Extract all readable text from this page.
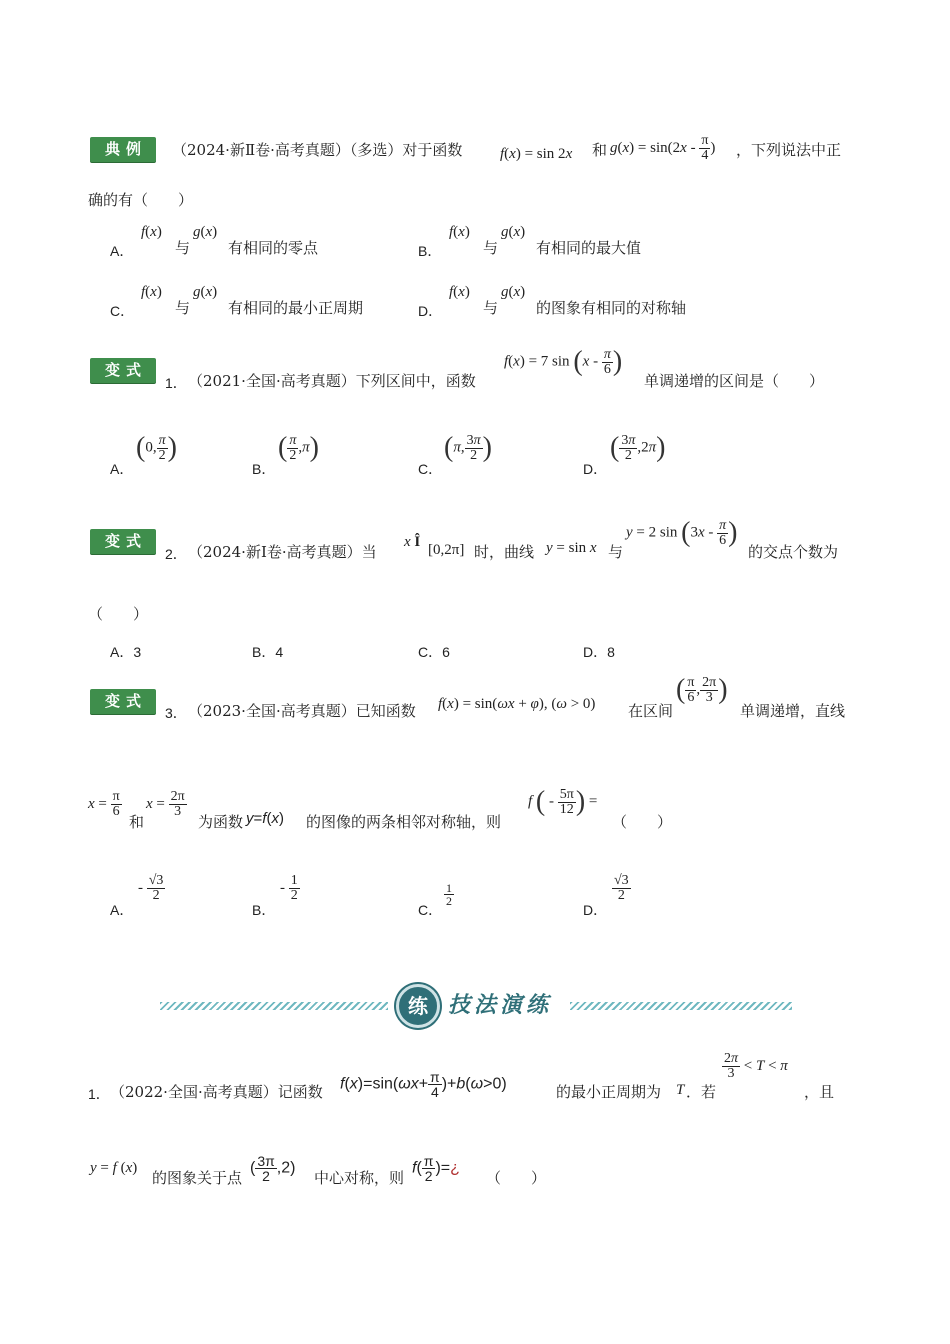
典例	（2024·新Ⅱ卷·高考真题）（多选）对于函数	f(x) = sin 2x 和 $g(x) = \sin(2x - \frac{\pi}{4}$ ) ，下列说法中正
确的有（　　）
A．
f(x)
与
g(x)
有相同的零点	B．
f(x)
与
g(x)
有相同的最大值
C．
f(x)
与
g(x)
有相同的最小正周期	D．
f(x)
与
g(x)
的图象有相同的对称轴
变式
1． （2021·全国·高考真题）下列区间中，函数
f(x) = 7 $\sin (x - \frac{\pi}{6}$ )
单调递增的区间是（　　）
A．
(0, $\frac{\pi}{2}$ )
B．
( $\frac{\pi}{2} ,\pi$)
C．
(π, $\frac{3\pi}{2}$ )
D．
( $\frac{3\pi}{2} ,2\pi$)
变式
2． （2024·新Ⅰ卷·高考真题）当
x Î [0,2π] 时，曲线 y = sin x 与
y = 2 $\sin (3x - \frac{\pi}{6}$ )
的交点个数为
（　　）
A．3	B．4	C．6	D．8
变式
3． （2023·全国·高考真题）已知函数 f(x) = sin(ωx + φ), (ω > 0) 在区间
( $\frac{\pi}{6}$ , $\frac{2\pi}{3}$ )
单调递增，直线
$x = \frac{\pi}{6}$
和
$x = \frac{2\pi}{3}$
为函数 y=f(x) 的图像的两条相邻对称轴，则
f ( - $\frac{5\pi}{12}$ ) =
（　　）
A．
- $\frac{√3}{2}$
B．
- $\frac{1}{2}$
C．
$\frac{1}{2}$
D．
$\frac{√3}{2}$
练 技法演练
1． （2022·全国·高考真题）记函数 $f(x)=\sin(\omega x+ \frac{\pi}{4} )+b(\omega>0)$	的最小正周期为 T ．若
$\frac{2\pi}{3} < T < \pi$
，且
y = f (x)
的图象关于点
( $\frac{3\pi}{2} ,2$)
中心对称，则
$f( \frac{\pi}{2}$ )=¿
（　　）
